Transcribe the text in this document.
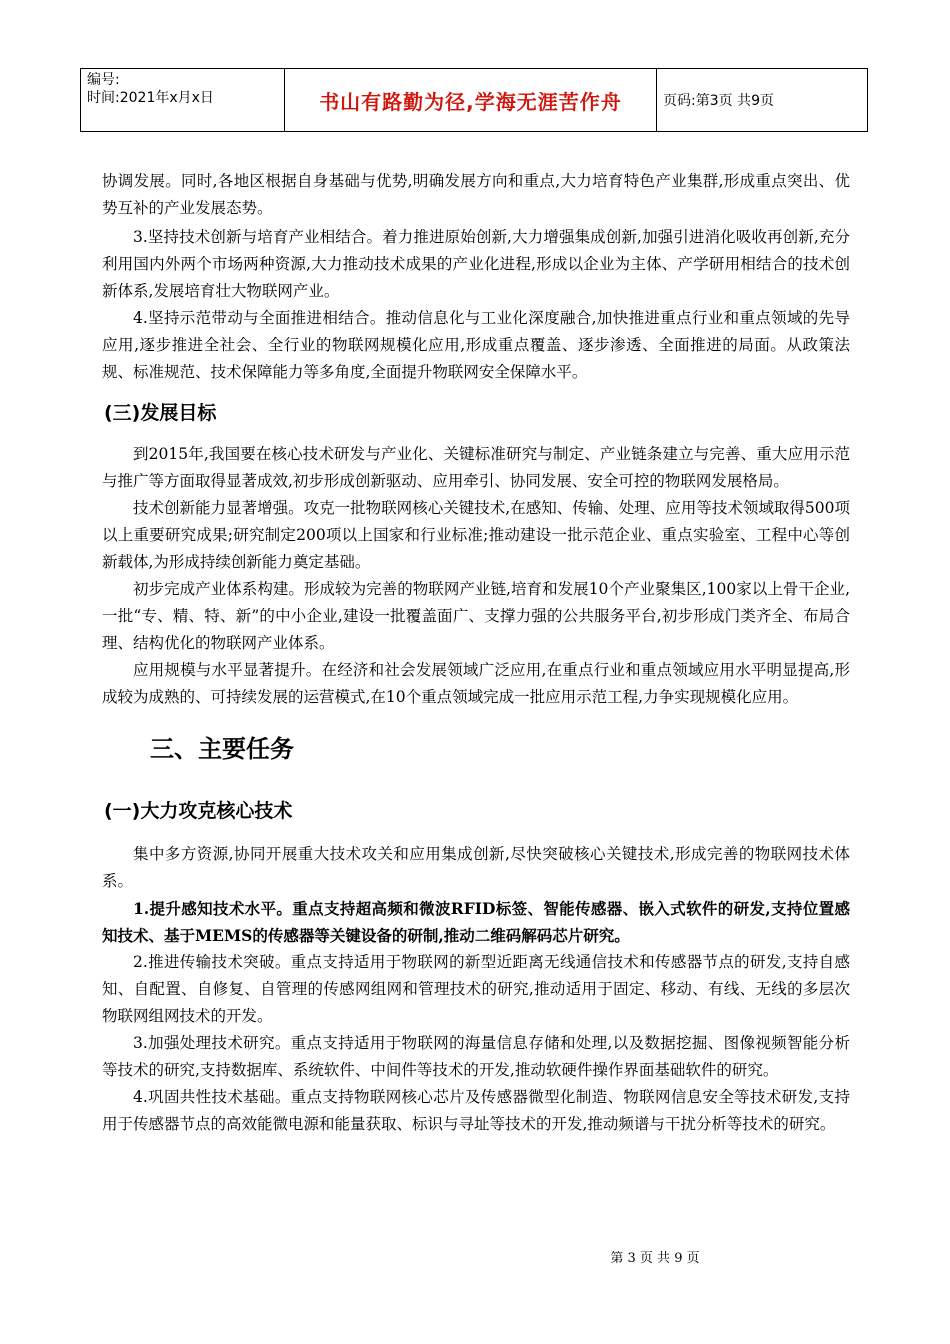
编号:
时间:2021年x月x日	书山有路勤为径,学海无涯苦作舟	页码:第3页 共9页

协调发展。同时,各地区根据自身基础与优势,明确发展方向和重点,大力培育特色产业集群,形成重点突出、优势互补的产业发展态势。

3.坚持技术创新与培育产业相结合。着力推进原始创新,大力增强集成创新,加强引进消化吸收再创新,充分利用国内外两个市场两种资源,大力推动技术成果的产业化进程,形成以企业为主体、产学研用相结合的技术创新体系,发展培育壮大物联网产业。

4.坚持示范带动与全面推进相结合。推动信息化与工业化深度融合,加快推进重点行业和重点领域的先导应用,逐步推进全社会、全行业的物联网规模化应用,形成重点覆盖、逐步渗透、全面推进的局面。从政策法规、标准规范、技术保障能力等多角度,全面提升物联网安全保障水平。

(三)发展目标

到2015年,我国要在核心技术研发与产业化、关键标准研究与制定、产业链条建立与完善、重大应用示范与推广等方面取得显著成效,初步形成创新驱动、应用牵引、协同发展、安全可控的物联网发展格局。

技术创新能力显著增强。攻克一批物联网核心关键技术,在感知、传输、处理、应用等技术领域取得500项以上重要研究成果;研究制定200项以上国家和行业标准;推动建设一批示范企业、重点实验室、工程中心等创新载体,为形成持续创新能力奠定基础。

初步完成产业体系构建。形成较为完善的物联网产业链,培育和发展10个产业聚集区,100家以上骨干企业,一批“专、精、特、新”的中小企业,建设一批覆盖面广、支撑力强的公共服务平台,初步形成门类齐全、布局合理、结构优化的物联网产业体系。

应用规模与水平显著提升。在经济和社会发展领域广泛应用,在重点行业和重点领域应用水平明显提高,形成较为成熟的、可持续发展的运营模式,在10个重点领域完成一批应用示范工程,力争实现规模化应用。

三、主要任务
(一)大力攻克核心技术

集中多方资源,协同开展重大技术攻关和应用集成创新,尽快突破核心关键技术,形成完善的物联网技术体系。

1.提升感知技术水平。重点支持超高频和微波RFID标签、智能传感器、嵌入式软件的研发,支持位置感知技术、基于MEMS的传感器等关键设备的研制,推动二维码解码芯片研究。

2.推进传输技术突破。重点支持适用于物联网的新型近距离无线通信技术和传感器节点的研发,支持自感知、自配置、自修复、自管理的传感网组网和管理技术的研究,推动适用于固定、移动、有线、无线的多层次物联网组网技术的开发。

3.加强处理技术研究。重点支持适用于物联网的海量信息存储和处理,以及数据挖掘、图像视频智能分析等技术的研究,支持数据库、系统软件、中间件等技术的开发,推动软硬件操作界面基础软件的研究。

4.巩固共性技术基础。重点支持物联网核心芯片及传感器微型化制造、物联网信息安全等技术研发,支持用于传感器节点的高效能微电源和能量获取、标识与寻址等技术的开发,推动频谱与干扰分析等技术的研究。

第 3 页 共 9 页
